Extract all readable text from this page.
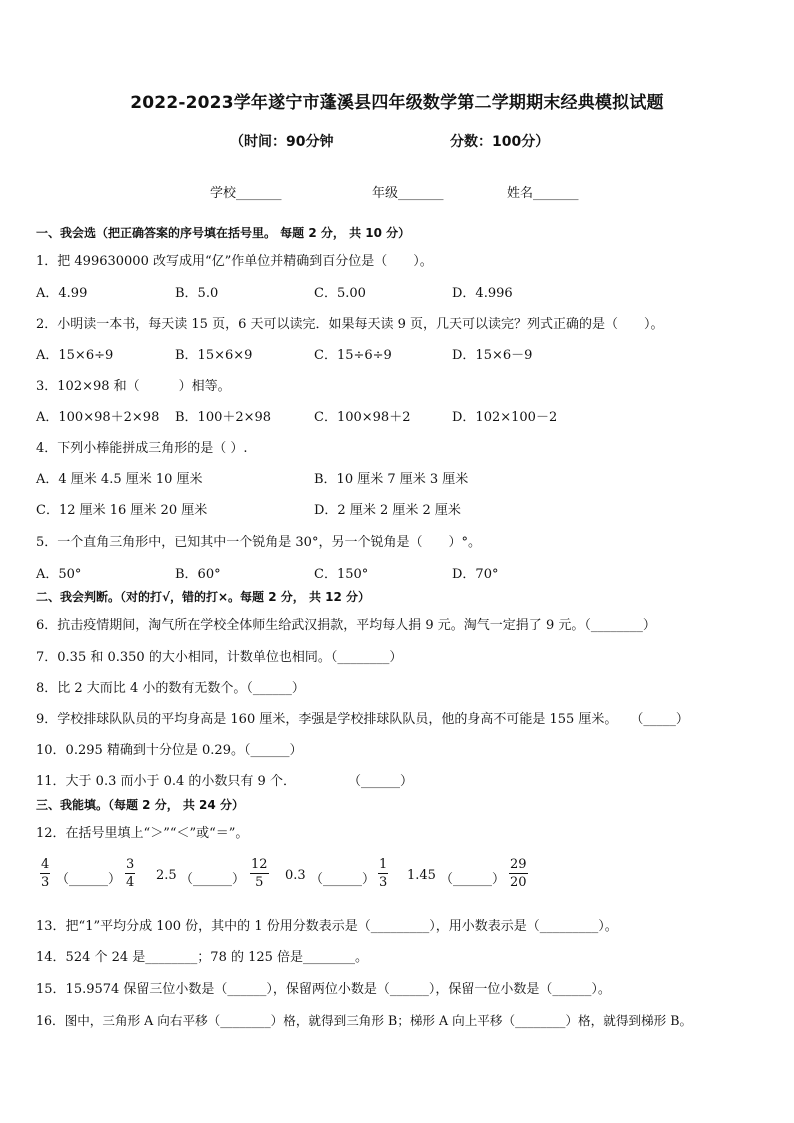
2022-2023学年遂宁市蓬溪县四年级数学第二学期期末经典模拟试题
（时间：90分钟	分数：100分）
学校_______	年级_______	姓名_______
一、我会选（把正确答案的序号填在括号里。 每题 2 分， 共 10 分）
1．把 499630000 改写成用“亿”作单位并精确到百分位是（　　）。
A．4.99	B．5.0	C．5.00	D．4.996
2．小明读一本书，每天读 15 页，6 天可以读完．如果每天读 9 页，几天可以读完？列式正确的是（　　）。
A．15×6÷9	B．15×6×9	C．15÷6÷9	D．15×6－9
3．102×98 和（　　　）相等。
A．100×98＋2×98 B．100＋2×98	C．100×98＋2	D．102×100－2
4．下列小棒能拼成三角形的是（ ）.
A．4 厘米 4.5 厘米 10 厘米	B．10 厘米 7 厘米 3 厘米
C．12 厘米 16 厘米 20 厘米	D．2 厘米 2 厘米 2 厘米
5．一个直角三角形中，已知其中一个锐角是 30°，另一个锐角是（　　）°。
A．50°	B．60°	C．150°	D．70°
二、我会判断。（对的打√，错的打×。每题 2 分， 共 12 分）
6．抗击疫情期间，淘气所在学校全体师生给武汉捐款，平均每人捐 9 元。淘气一定捐了 9 元。（________）
7．0.35 和 0.350 的大小相同，计数单位也相同。（________）
8．比 2 大而比 4 小的数有无数个。（______）
9．学校排球队队员的平均身高是 160 厘米，李强是学校排球队队员，他的身高不可能是 155 厘米。　　（_____）
10．0.295 精确到十分位是 0.29。（______）
11．大于 0.3 而小于 0.4 的小数只有 9 个．　　　　　（______）
三、我能填。（每题 2 分， 共 24 分）
12．在括号里填上“＞”“＜”或“＝”。
$\frac{4}{3}$ （______） $\frac{3}{4} 2.5$ （______） $\frac{12}{5} 0.3$ （______） $\frac{1}{3} 1.45$ （______） $\frac{29}{20}$
13．把“1”平均分成 100 份，其中的 1 份用分数表示是（_________），用小数表示是（_________）。
14．524 个 24 是________；78 的 125 倍是________。
15．15.9574 保留三位小数是（______），保留两位小数是（______），保留一位小数是（______）。
16．图中，三角形 A 向右平移（________）格，就得到三角形 B；梯形 A 向上平移（________）格，就得到梯形 B。
